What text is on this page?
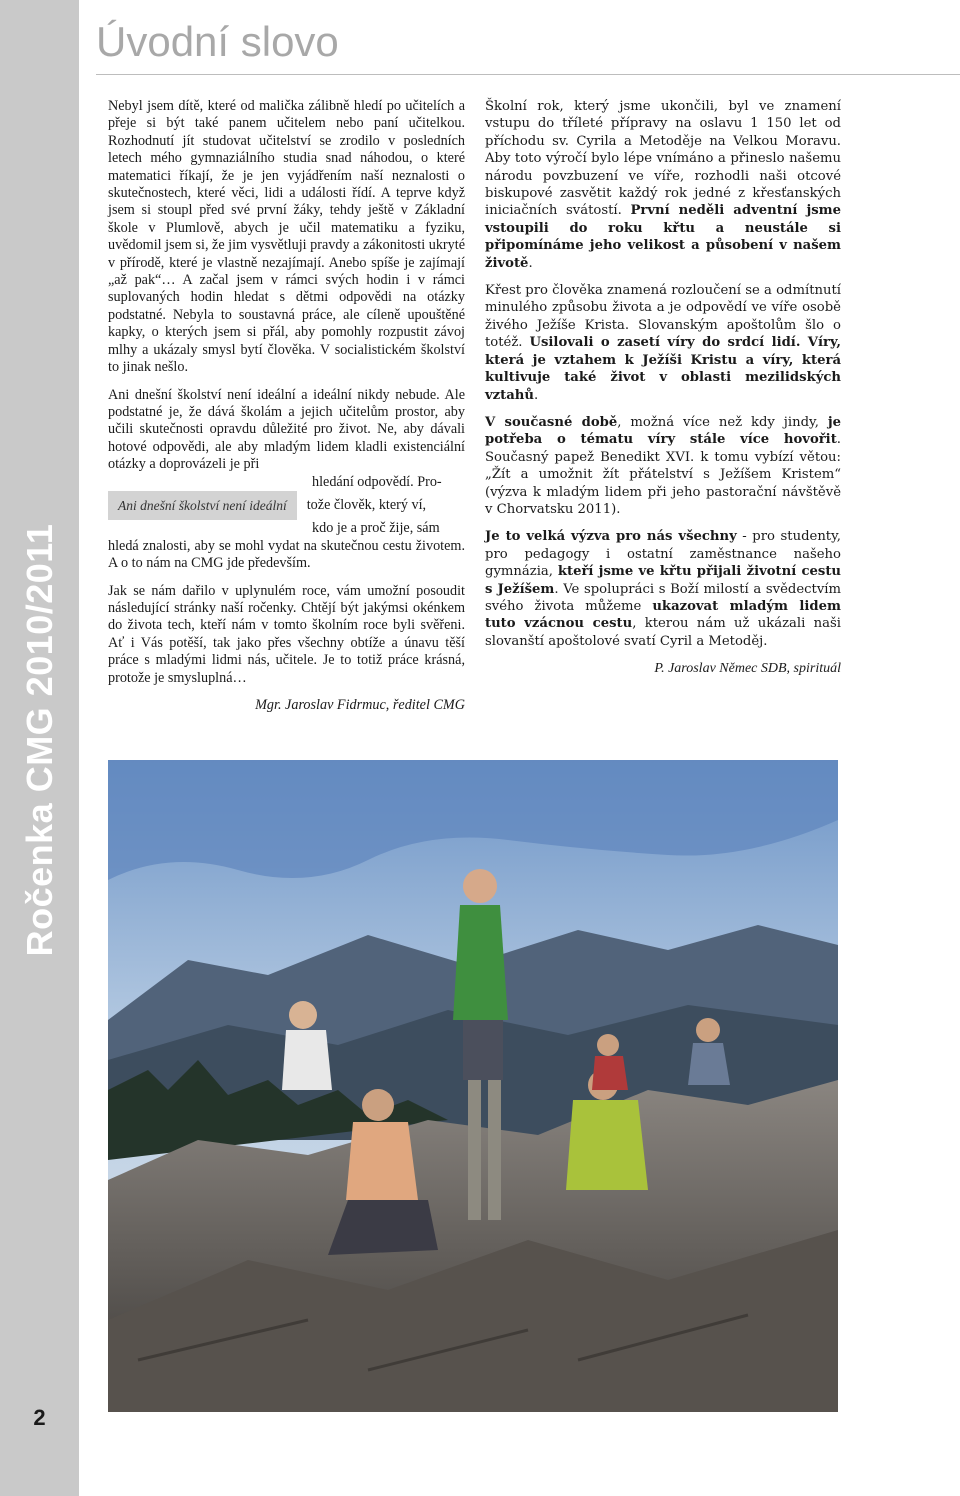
Ročenka CMG 2010/2011
2
Úvodní slovo

Nebyl jsem dítě, které od malička zálibně hledí po učitelích a přeje si být také panem učitelem nebo paní učitelkou. Rozhodnutí jít studovat učitelství se zrodilo v posledních letech mého gymnaziálního studia snad náhodou, o které matematici říkají, že je jen vyjádřením naší neznalosti o skutečnostech, které věci, lidi a události řídí. A teprve když jsem si stoupl před své první žáky, tehdy ještě v Základní škole v Plumlově, abych je učil matematiku a fyziku, uvědomil jsem si, že jim vysvětluji pravdy a zákonitosti ukryté v přírodě, které je vlastně nezajímají. Anebo spíše je zajímají „až pak“… A začal jsem v rámci svých hodin i v rámci suplovaných hodin hledat s dětmi odpovědi na otázky podstatné. Nebyla to soustavná práce, ale cíleně upouštěné kapky, o kterých jsem si přál, aby pomohly rozpustit závoj mlhy a ukázaly smysl bytí člověka. V socialistickém školství to jinak nešlo.

Ani dnešní školství není ideální a ideální nikdy nebude. Ale podstatné je, že dává školám a jejich učitelům prostor, aby učili skutečnosti opravdu důležité pro život. Ne, aby dávali hotové odpovědi, ale aby mladým lidem kladli existenciální otázky a doprovázeli je při
hledání odpovědí. Pro-
Ani dnešní školství není ideální	tože člověk, který ví,
kdo je a proč žije, sám
hledá znalosti, aby se mohl vydat na skutečnou cestu životem. A o to nám na CMG jde především.

Jak se nám dařilo v uplynulém roce, vám umožní posoudit následující stránky naší ročenky. Chtějí být jakýmsi okénkem do života tech, kteří nám v tomto školním roce byli svěřeni. Ať i Vás potěší, tak jako přes všechny obtíže a únavu těší práce s mladými lidmi nás, učitele. Je to totiž práce krásná, protože je smysluplná…

Mgr. Jaroslav Fidrmuc, ředitel CMG

Školní rok, který jsme ukončili, byl ve znamení vstupu do tříleté přípravy na oslavu 1 150 let od příchodu sv. Cyrila a Metoděje na Velkou Moravu. Aby toto výročí bylo lépe vnímáno a přineslo našemu národu povzbuzení ve víře, rozhodli naši otcové biskupové zasvětit každý rok jedné z křesťanských iniciačních svátostí. První neděli adventní jsme vstoupili do roku křtu a neustále si připomínáme jeho velikost a působení v našem životě.

Křest pro člověka znamená rozloučení se a odmítnutí minulého způsobu života a je odpovědí ve víře osobě živého Ježíše Krista. Slovanským apoštolům šlo o totéž. Usilovali o zasetí víry do srdcí lidí. Víry, která je vztahem k Ježíši Kristu a víry, která kultivuje také život v oblasti mezilidských vztahů.

V současné době, možná více než kdy jindy, je potřeba o tématu víry stále více hovořit. Současný papež Benedikt XVI. k tomu vybízí větou: „Žít a umožnit žít přátelství s Ježíšem Kristem“ (výzva k mladým lidem při jeho pastorační návštěvě v Chorvatsku 2011).

Je to velká výzva pro nás všechny - pro studenty, pro pedagogy i ostatní zaměstnance našeho gymnázia, kteří jsme ve křtu přijali životní cestu s Ježíšem. Ve spolupráci s Boží milostí a svědectvím svého života můžeme ukazovat mladým lidem tuto vzácnou cestu, kterou nám už ukázali naši slovanští apoštolové svatí Cyril a Metoděj.

P. Jaroslav Němec SDB, spirituál
